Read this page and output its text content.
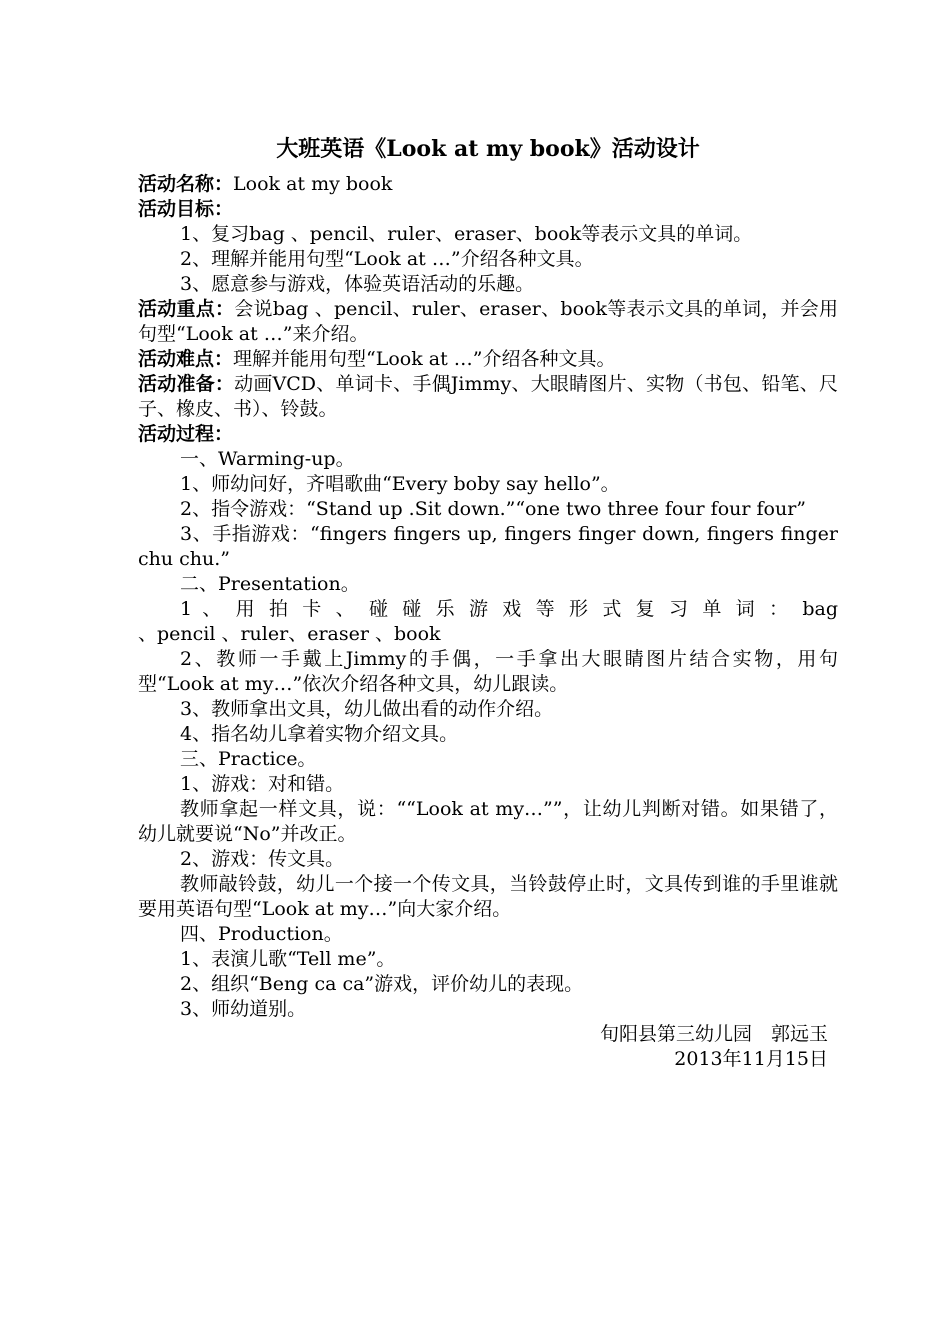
大班英语《Look at my book》活动设计

活动名称：Look at my book

活动目标：

1、复习bag 、pencil、ruler、eraser、book等表示文具的单词。

2、理解并能用句型“Look at …”介绍各种文具。

3、愿意参与游戏，体验英语活动的乐趣。

活动重点：会说bag 、pencil、ruler、eraser、book等表示文具的单词，并会用句型“Look at …”来介绍。

活动难点：理解并能用句型“Look at …”介绍各种文具。

活动准备：动画VCD、单词卡、手偶Jimmy、大眼睛图片、实物（书包、铅笔、尺子、橡皮、书）、铃鼓。

活动过程：

一、Warming-up。

1、师幼问好，齐唱歌曲“Every boby say hello”。

2、指令游戏：“Stand up .Sit down.”“one two three four four four”

3、手指游戏：“fingers fingers up, fingers finger down, fingers finger chu chu.”

二、Presentation。

1 、 用 拍 卡 、 碰 碰 乐 游 戏 等 形 式 复 习 单 词 ： bag

、pencil 、ruler、eraser 、book

2、教师一手戴上Jimmy的手偶，一手拿出大眼睛图片结合实物，用句型“Look at my…”依次介绍各种文具，幼儿跟读。

3、教师拿出文具，幼儿做出看的动作介绍。

4、指名幼儿拿着实物介绍文具。

三、Practice。

1、游戏：对和错。

教师拿起一样文具，说：““Look at my…””，让幼儿判断对错。如果错了，幼儿就要说“No”并改正。

2、游戏：传文具。

教师敲铃鼓，幼儿一个接一个传文具，当铃鼓停止时，文具传到谁的手里谁就要用英语句型“Look at my…”向大家介绍。

四、Production。

1、表演儿歌“Tell me”。

2、组织“Beng ca ca”游戏，评价幼儿的表现。

3、师幼道别。

旬阳县第三幼儿园　郭远玉

2013年11月15日
